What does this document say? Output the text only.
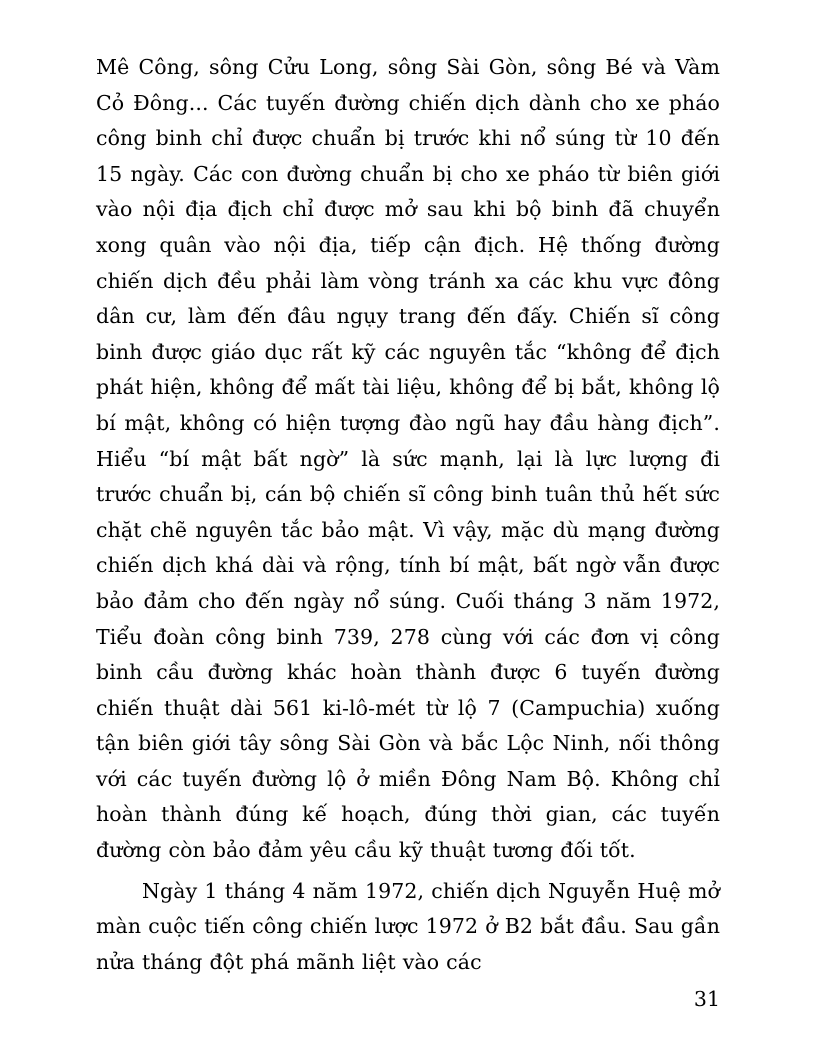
Mê Công, sông Cửu Long, sông Sài Gòn, sông Bé và Vàm Cỏ Đông... Các tuyến đường chiến dịch dành cho xe pháo công binh chỉ được chuẩn bị trước khi nổ súng từ 10 đến 15 ngày. Các con đường chuẩn bị cho xe pháo từ biên giới vào nội địa địch chỉ được mở sau khi bộ binh đã chuyển xong quân vào nội địa, tiếp cận địch. Hệ thống đường chiến dịch đều phải làm vòng tránh xa các khu vực đông dân cư, làm đến đâu ngụy trang đến đấy. Chiến sĩ công binh được giáo dục rất kỹ các nguyên tắc “không để địch phát hiện, không để mất tài liệu, không để bị bắt, không lộ bí mật, không có hiện tượng đào ngũ hay đầu hàng địch”. Hiểu “bí mật bất ngờ” là sức mạnh, lại là lực lượng đi trước chuẩn bị, cán bộ chiến sĩ công binh tuân thủ hết sức chặt chẽ nguyên tắc bảo mật. Vì vậy, mặc dù mạng đường chiến dịch khá dài và rộng, tính bí mật, bất ngờ vẫn được bảo đảm cho đến ngày nổ súng. Cuối tháng 3 năm 1972, Tiểu đoàn công binh 739, 278 cùng với các đơn vị công binh cầu đường khác hoàn thành được 6 tuyến đường chiến thuật dài 561 ki-lô-mét từ lộ 7 (Campuchia) xuống tận biên giới tây sông Sài Gòn và bắc Lộc Ninh, nối thông với các tuyến đường lộ ở miền Đông Nam Bộ. Không chỉ hoàn thành đúng kế hoạch, đúng thời gian, các tuyến đường còn bảo đảm yêu cầu kỹ thuật tương đối tốt.

Ngày 1 tháng 4 năm 1972, chiến dịch Nguyễn Huệ mở màn cuộc tiến công chiến lược 1972 ở B2 bắt đầu. Sau gần nửa tháng đột phá mãnh liệt vào các

31
